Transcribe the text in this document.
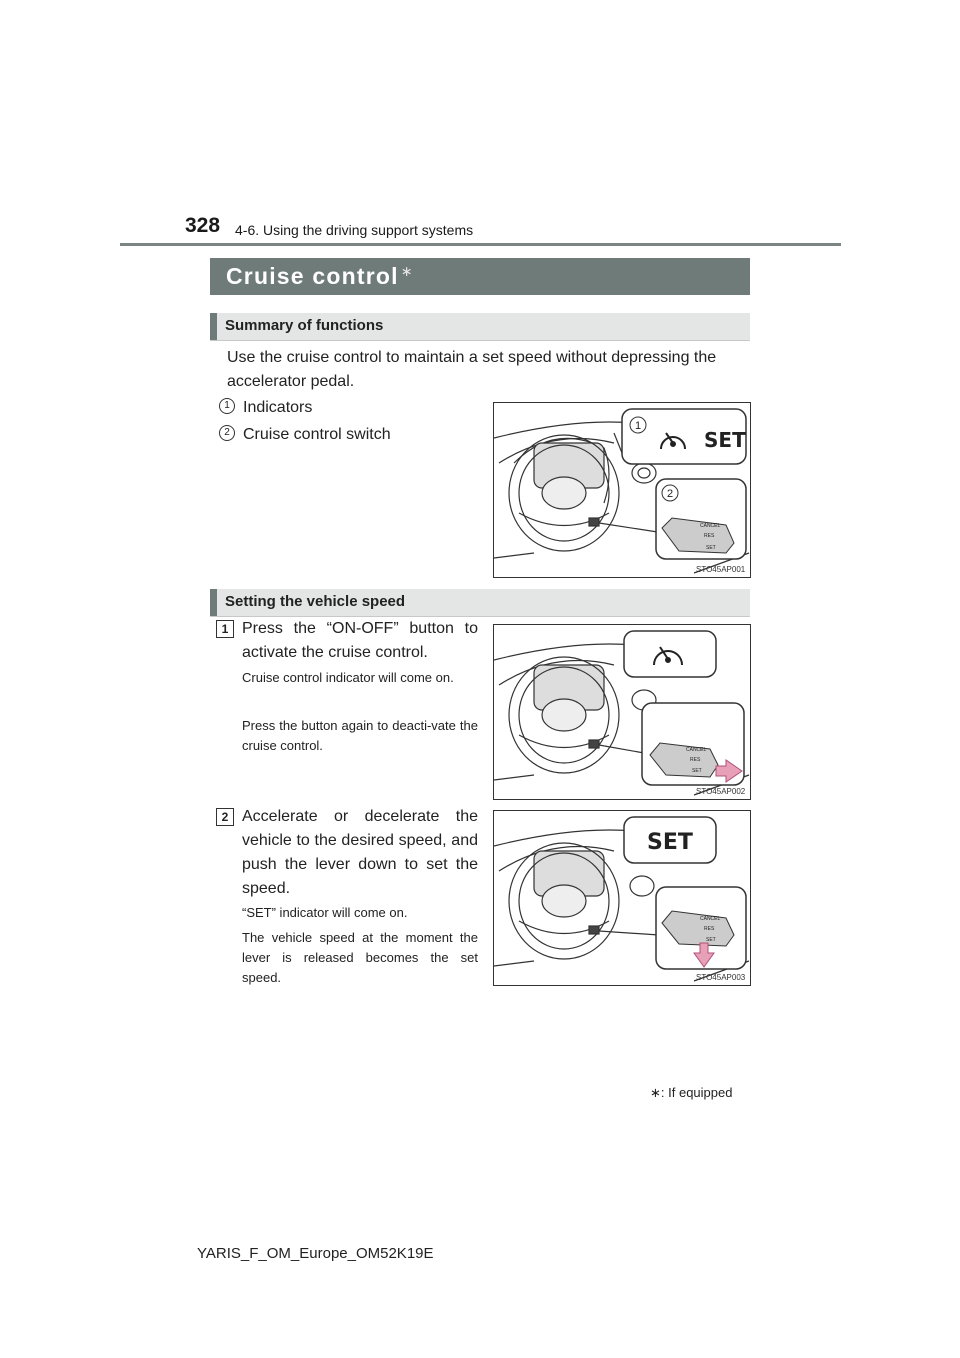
328 4-6. Using the driving support systems
Cruise control ∗
Summary of functions
Use the cruise control to maintain a set speed without depressing the accelerator pedal.
1 Indicators
2 Cruise control switch	1
SET
2
CANCEL
RES
SET
STO45AP001
Setting the vehicle speed
1 Press the “ON-OFF” button to activate the cruise control.
Cruise control indicator will come on.
Press the button again to deacti-vate the cruise control.	CANCEL
RES
SET
STO45AP002
2 Accelerate or decelerate the vehicle to the desired speed, and push the lever down to set the speed.
“SET” indicator will come on.
The vehicle speed at the moment the lever is released becomes the set speed.
SET
CANCEL
RES
SET
STO45AP003
∗: If equipped
YARIS_F_OM_Europe_OM52K19E
